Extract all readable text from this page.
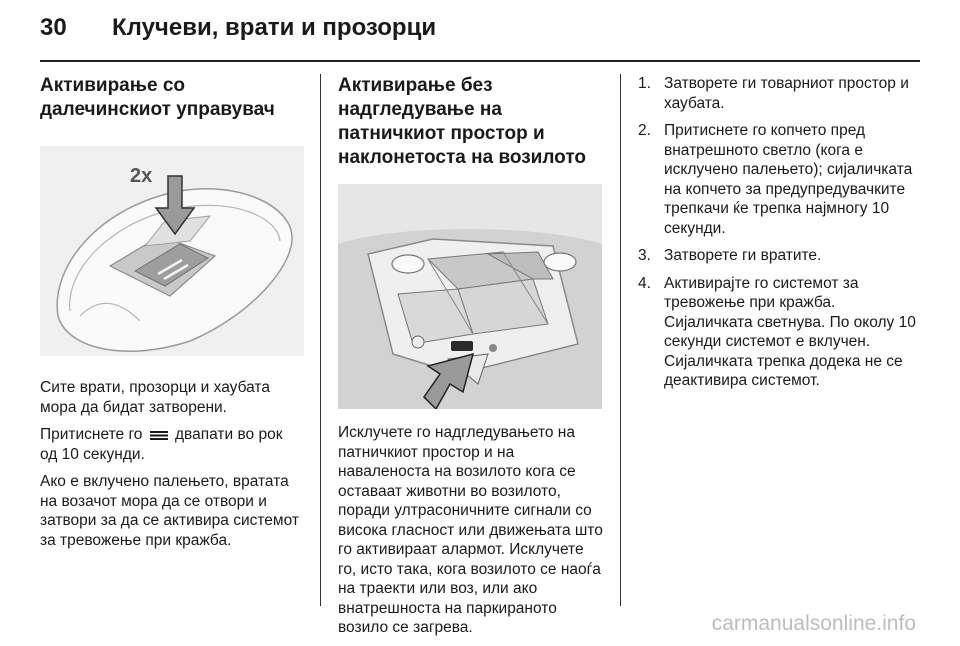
30 Клучеви, врати и прозорци
Активирање со далечинскиот управувач
2x

Сите врати, прозорци и хаубата мора да бидат затворени.

Притиснете го двапати во рок од 10 секунди.

Ако е вклучено палењето, вратата на возачот мора да се отвори и затвори за да се активира системот за тревожење при кражба.

Активирање без надгледување на патничкиот простор и наклонетоста на возилото

Исклучете го надгледувањето на патничкиот простор и на наваленоста на возилото кога се оставаат животни во возилото, поради ултрасоничните сигнали со висока гласност или движењата што го активираат алармот. Исклучете го, исто така, кога возилото се наоѓа на траекти или воз, или ако внатрешноста на паркираното возило се загрева.

1. Затворете ги товарниот простор и хаубата.
2. Притиснете го копчето пред внатрешното светло (кога е исклучено палењето); сијаличката на копчето за предупредувачките трепкачи ќе трепка најмногу 10 секунди.
3. Затворете ги вратите.
4. Активирајте го системот за тревожење при кражба. Сијаличката светнува. По околу 10 секунди системот е вклучен. Сијаличката трепка додека не се деактивира системот.
carmanualsonline.info
